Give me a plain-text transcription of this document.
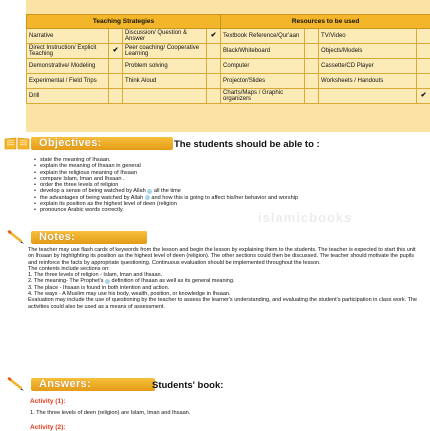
Teaching Strategies				Resources to be used			
Narrative		Discussion/ Question & Answer	✔	Textbook Reference/Qur'aan		TV/Video	
Direct Instruction/ Explicit Teaching	✔	Peer coaching/ Cooperative Learning		Black/Whiteboard		Objects/Models	
Demonstrative/ Modeling		Problem solving		Computer		Cassette/CD Player	
Experimental / Field Trips		Think Aloud		Projector/Slides		Worksheets / Handouts	
Drill				Charts/Maps / Graphic organizers			✔
Objectives:	The students should be able to :
• state the meaning of Ihsaan.
• explain the meaning of Ihsaan in general
• explain the religious meaning of Ihsaan
• compare Islam, Iman and Ihsaan .
• order the three levels of religion
• develop a sense of being watched by Allah all the time
• the advantages of being watched by Allah and how this is going to affect his/her behavior and worship
• explain its position as the highest level of deen (religion
• pronounce Arabic words correctly.	islamicbooks
Notes:

The teacher may use flash cards of keywords from the lesson and begin the lesson by explaining them to the students. The teacher is expected to start this unit on Ihsaan by highlighting its position as the highest level of deen (religion). The other sections could then be discussed. The teacher should motivate the pupils and reinforce the facts by appropriate questioning. Continuous evaluation should be implemented throughout the lesson.

The contents include sections on:

1. The three levels of religion - Islam, Iman and Ihsaan.

2. The meaning- The Prophet's definition of Ihsaan as well as its general meaning.

3. The place - Ihsaan is found in both intention and action.

4. The ways - A Muslim may use his body, wealth, position, or knowledge in Ihsaan.

Evaluation may include the use of questioning by the teacher to assess the learner's understanding, and evaluating the student's participation in class work. The activities could also be used as a means of assessment.

Answers:	Students' book:
Activity (1):
1. The three levels of deen (religion) are Islam, Iman and Ihsaan.
Activity (2):
